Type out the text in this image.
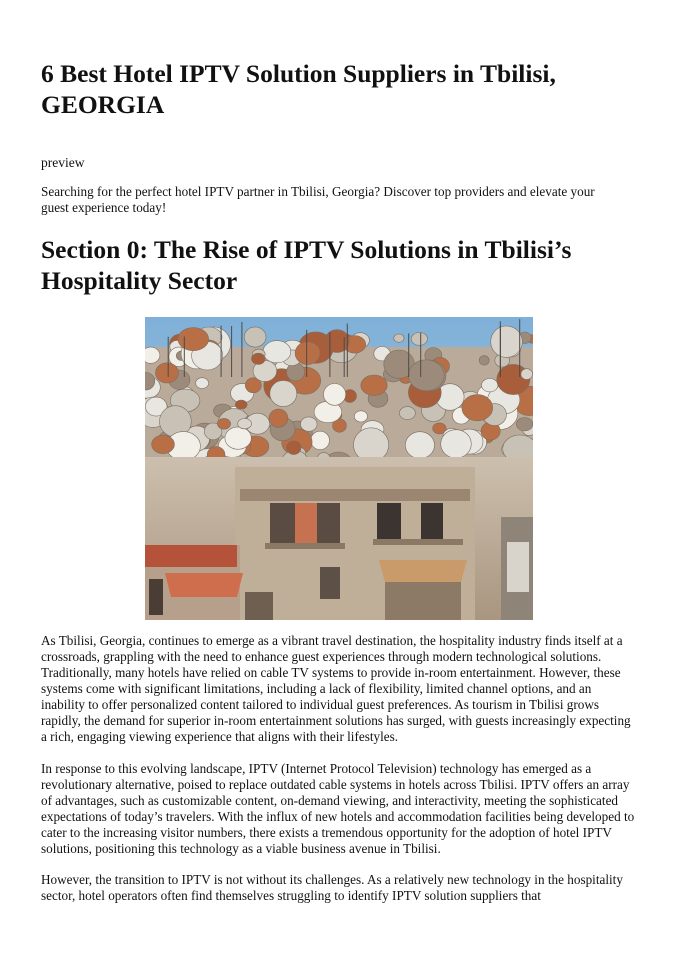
6 Best Hotel IPTV Solution Suppliers in Tbilisi, GEORGIA

preview

Searching for the perfect hotel IPTV partner in Tbilisi, Georgia? Discover top providers and elevate your guest experience today!

Section 0: The Rise of IPTV Solutions in Tbilisi’s Hospitality Sector

As Tbilisi, Georgia, continues to emerge as a vibrant travel destination, the hospitality industry finds itself at a crossroads, grappling with the need to enhance guest experiences through modern technological solutions. Traditionally, many hotels have relied on cable TV systems to provide in-room entertainment. However, these systems come with significant limitations, including a lack of flexibility, limited channel options, and an inability to offer personalized content tailored to individual guest preferences. As tourism in Tbilisi grows rapidly, the demand for superior in-room entertainment solutions has surged, with guests increasingly expecting a rich, engaging viewing experience that aligns with their lifestyles.

In response to this evolving landscape, IPTV (Internet Protocol Television) technology has emerged as a revolutionary alternative, poised to replace outdated cable systems in hotels across Tbilisi. IPTV offers an array of advantages, such as customizable content, on-demand viewing, and interactivity, meeting the sophisticated expectations of today’s travelers. With the influx of new hotels and accommodation facilities being developed to cater to the increasing visitor numbers, there exists a tremendous opportunity for the adoption of hotel IPTV solutions, positioning this technology as a viable business avenue in Tbilisi.

However, the transition to IPTV is not without its challenges. As a relatively new technology in the hospitality sector, hotel operators often find themselves struggling to identify IPTV solution suppliers that
